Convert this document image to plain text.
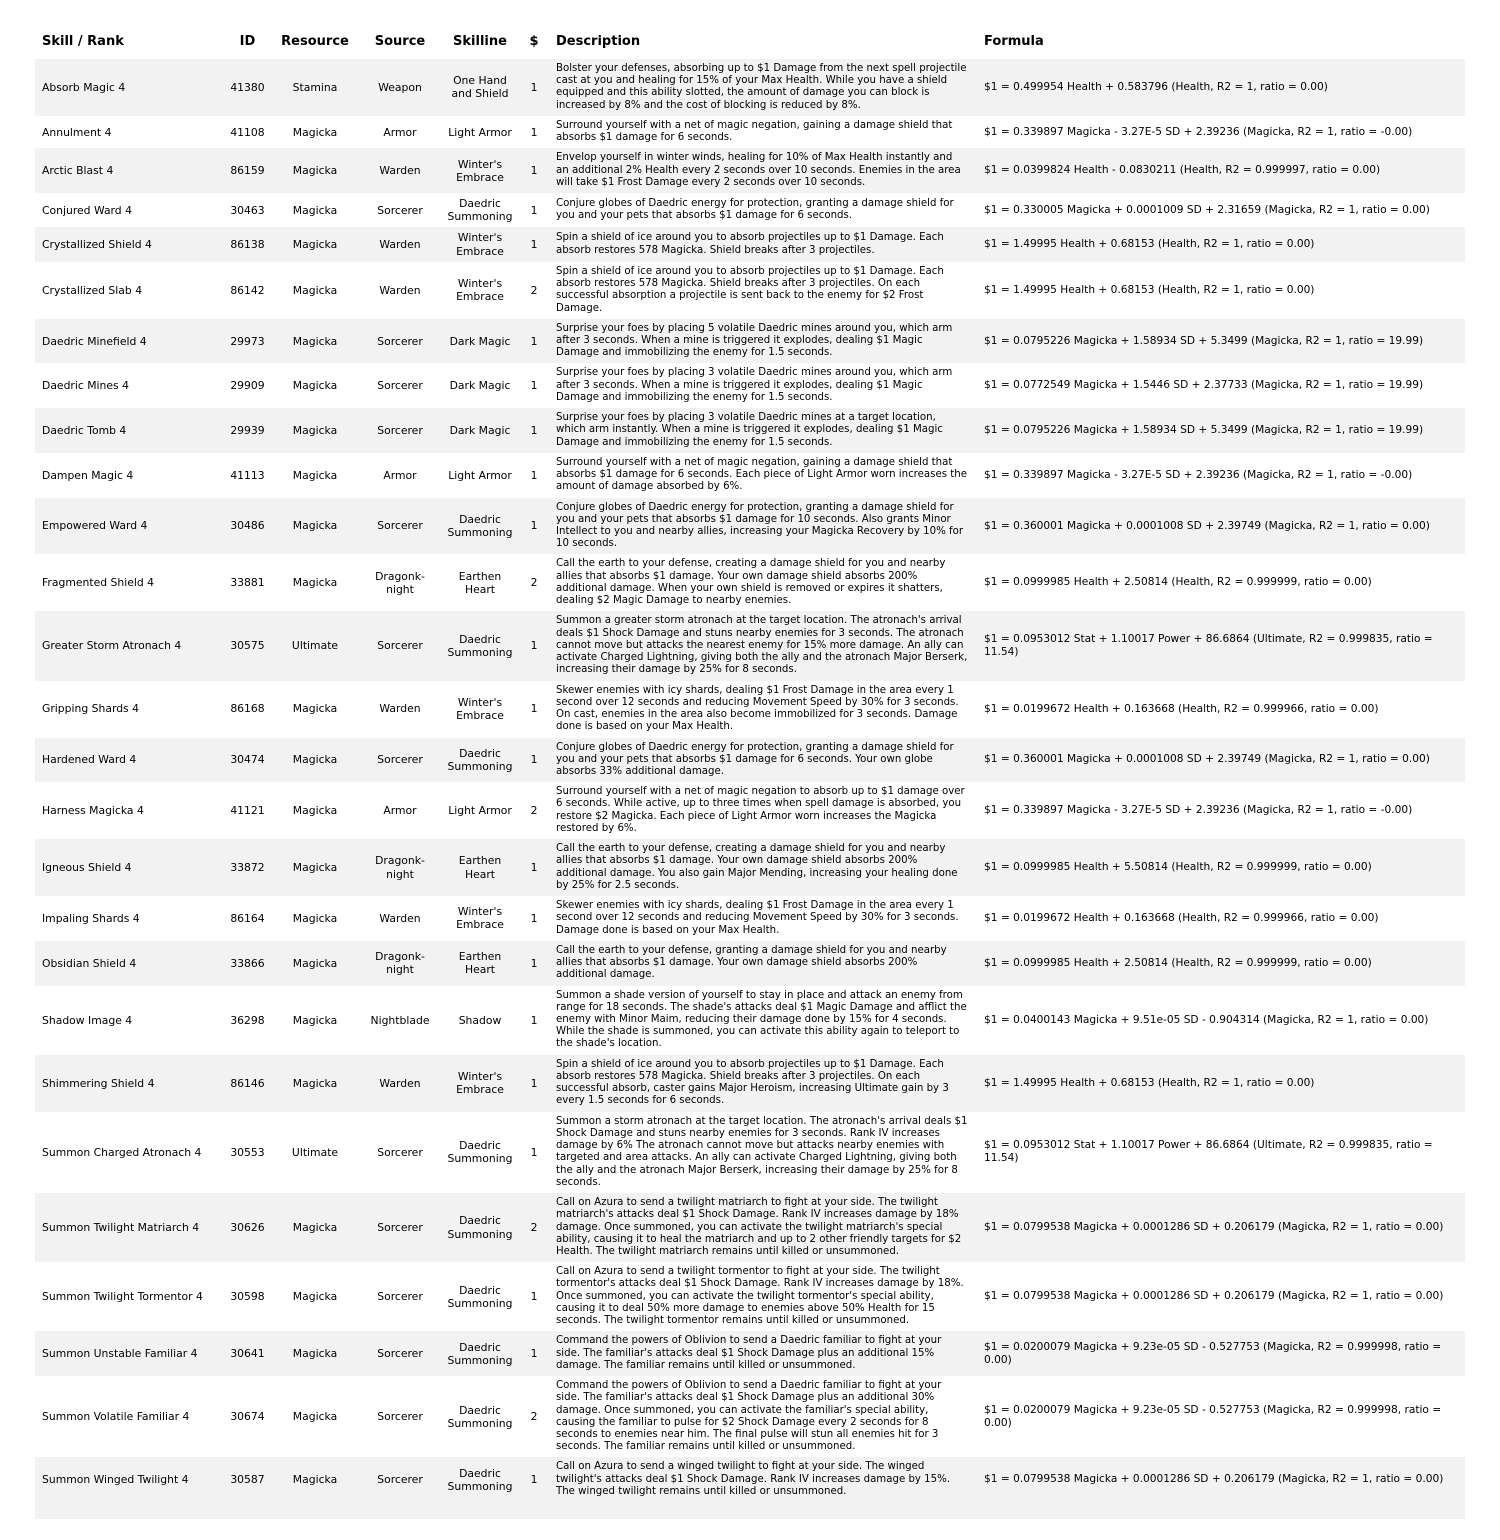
Skill / Rank	ID	Resource	Source	Skilline	$	Description	Formula
Absorb Magic 4	41380	Stamina	Weapon	One Hand and Shield	1	Bolster your defenses, absorbing up to $1 Damage from the next spell projectile cast at you and healing for 15% of your Max Health. While you have a shield equipped and this ability slotted, the amount of damage you can block is increased by 8% and the cost of blocking is reduced by 8%.	$1 = 0.499954 Health + 0.583796 (Health, R2 = 1, ratio = 0.00)
Annulment 4	41108	Magicka	Armor	Light Armor	1	Surround yourself with a net of magic negation, gaining a damage shield that absorbs $1 damage for 6 seconds.	$1 = 0.339897 Magicka - 3.27E-5 SD + 2.39236 (Magicka, R2 = 1, ratio = -0.00)
Arctic Blast 4	86159	Magicka	Warden	Winter's Embrace	1	Envelop yourself in winter winds, healing for 10% of Max Health instantly and an additional 2% Health every 2 seconds over 10 seconds. Enemies in the area will take $1 Frost Damage every 2 seconds over 10 seconds.	$1 = 0.0399824 Health - 0.0830211 (Health, R2 = 0.999997, ratio = 0.00)
Conjured Ward 4	30463	Magicka	Sorcerer	Daedric Summoning	1	Conjure globes of Daedric energy for protection, granting a damage shield for you and your pets that absorbs $1 damage for 6 seconds.	$1 = 0.330005 Magicka + 0.0001009 SD + 2.31659 (Magicka, R2 = 1, ratio = 0.00)
Crystallized Shield 4	86138	Magicka	Warden	Winter's Embrace	1	Spin a shield of ice around you to absorb projectiles up to $1 Damage. Each absorb restores 578 Magicka. Shield breaks after 3 projectiles.	$1 = 1.49995 Health + 0.68153 (Health, R2 = 1, ratio = 0.00)
Crystallized Slab 4	86142	Magicka	Warden	Winter's Embrace	2	Spin a shield of ice around you to absorb projectiles up to $1 Damage. Each absorb restores 578 Magicka. Shield breaks after 3 projectiles. On each successful absorption a projectile is sent back to the enemy for $2 Frost Damage.	$1 = 1.49995 Health + 0.68153 (Health, R2 = 1, ratio = 0.00)
Daedric Minefield 4	29973	Magicka	Sorcerer	Dark Magic	1	Surprise your foes by placing 5 volatile Daedric mines around you, which arm after 3 seconds. When a mine is triggered it explodes, dealing $1 Magic Damage and immobilizing the enemy for 1.5 seconds.	$1 = 0.0795226 Magicka + 1.58934 SD + 5.3499 (Magicka, R2 = 1, ratio = 19.99)
Daedric Mines 4	29909	Magicka	Sorcerer	Dark Magic	1	Surprise your foes by placing 3 volatile Daedric mines around you, which arm after 3 seconds. When a mine is triggered it explodes, dealing $1 Magic Damage and immobilizing the enemy for 1.5 seconds.	$1 = 0.0772549 Magicka + 1.5446 SD + 2.37733 (Magicka, R2 = 1, ratio = 19.99)
Daedric Tomb 4	29939	Magicka	Sorcerer	Dark Magic	1	Surprise your foes by placing 3 volatile Daedric mines at a target location, which arm instantly. When a mine is triggered it explodes, dealing $1 Magic Damage and immobilizing the enemy for 1.5 seconds.	$1 = 0.0795226 Magicka + 1.58934 SD + 5.3499 (Magicka, R2 = 1, ratio = 19.99)
Dampen Magic 4	41113	Magicka	Armor	Light Armor	1	Surround yourself with a net of magic negation, gaining a damage shield that absorbs $1 damage for 6 seconds. Each piece of Light Armor worn increases the amount of damage absorbed by 6%.	$1 = 0.339897 Magicka - 3.27E-5 SD + 2.39236 (Magicka, R2 = 1, ratio = -0.00)
Empowered Ward 4	30486	Magicka	Sorcerer	Daedric Summoning	1	Conjure globes of Daedric energy for protection, granting a damage shield for you and your pets that absorbs $1 damage for 10 seconds. Also grants Minor Intellect to you and nearby allies, increasing your Magicka Recovery by 10% for 10 seconds.	$1 = 0.360001 Magicka + 0.0001008 SD + 2.39749 (Magicka, R2 = 1, ratio = 0.00)
Fragmented Shield 4	33881	Magicka	Dragonknight	Earthen Heart	2	Call the earth to your defense, creating a damage shield for you and nearby allies that absorbs $1 damage. Your own damage shield absorbs 200% additional damage. When your own shield is removed or expires it shatters, dealing $2 Magic Damage to nearby enemies.	$1 = 0.0999985 Health + 2.50814 (Health, R2 = 0.999999, ratio = 0.00)
Greater Storm Atronach 4	30575	Ultimate	Sorcerer	Daedric Summoning	1	Summon a greater storm atronach at the target location. The atronach's arrival deals $1 Shock Damage and stuns nearby enemies for 3 seconds. The atronach cannot move but attacks the nearest enemy for 15% more damage. An ally can activate Charged Lightning, giving both the ally and the atronach Major Berserk, increasing their damage by 25% for 8 seconds.	$1 = 0.0953012 Stat + 1.10017 Power + 86.6864 (Ultimate, R2 = 0.999835, ratio = 11.54)
Gripping Shards 4	86168	Magicka	Warden	Winter's Embrace	1	Skewer enemies with icy shards, dealing $1 Frost Damage in the area every 1 second over 12 seconds and reducing Movement Speed by 30% for 3 seconds. On cast, enemies in the area also become immobilized for 3 seconds. Damage done is based on your Max Health.	$1 = 0.0199672 Health + 0.163668 (Health, R2 = 0.999966, ratio = 0.00)
Hardened Ward 4	30474	Magicka	Sorcerer	Daedric Summoning	1	Conjure globes of Daedric energy for protection, granting a damage shield for you and your pets that absorbs $1 damage for 6 seconds. Your own globe absorbs 33% additional damage.	$1 = 0.360001 Magicka + 0.0001008 SD + 2.39749 (Magicka, R2 = 1, ratio = 0.00)
Harness Magicka 4	41121	Magicka	Armor	Light Armor	2	Surround yourself with a net of magic negation to absorb up to $1 damage over 6 seconds. While active, up to three times when spell damage is absorbed, you restore $2 Magicka. Each piece of Light Armor worn increases the Magicka restored by 6%.	$1 = 0.339897 Magicka - 3.27E-5 SD + 2.39236 (Magicka, R2 = 1, ratio = -0.00)
Igneous Shield 4	33872	Magicka	Dragonknight	Earthen Heart	1	Call the earth to your defense, creating a damage shield for you and nearby allies that absorbs $1 damage. Your own damage shield absorbs 200% additional damage. You also gain Major Mending, increasing your healing done by 25% for 2.5 seconds.	$1 = 0.0999985 Health + 5.50814 (Health, R2 = 0.999999, ratio = 0.00)
Impaling Shards 4	86164	Magicka	Warden	Winter's Embrace	1	Skewer enemies with icy shards, dealing $1 Frost Damage in the area every 1 second over 12 seconds and reducing Movement Speed by 30% for 3 seconds. Damage done is based on your Max Health.	$1 = 0.0199672 Health + 0.163668 (Health, R2 = 0.999966, ratio = 0.00)
Obsidian Shield 4	33866	Magicka	Dragonknight	Earthen Heart	1	Call the earth to your defense, granting a damage shield for you and nearby allies that absorbs $1 damage. Your own damage shield absorbs 200% additional damage.	$1 = 0.0999985 Health + 2.50814 (Health, R2 = 0.999999, ratio = 0.00)
Shadow Image 4	36298	Magicka	Nightblade	Shadow	1	Summon a shade version of yourself to stay in place and attack an enemy from range for 18 seconds. The shade's attacks deal $1 Magic Damage and afflict the enemy with Minor Maim, reducing their damage done by 15% for 4 seconds. While the shade is summoned, you can activate this ability again to teleport to the shade's location.	$1 = 0.0400143 Magicka + 9.51e-05 SD - 0.904314 (Magicka, R2 = 1, ratio = 0.00)
Shimmering Shield 4	86146	Magicka	Warden	Winter's Embrace	1	Spin a shield of ice around you to absorb projectiles up to $1 Damage. Each absorb restores 578 Magicka. Shield breaks after 3 projectiles. On each successful absorb, caster gains Major Heroism, increasing Ultimate gain by 3 every 1.5 seconds for 6 seconds.	$1 = 1.49995 Health + 0.68153 (Health, R2 = 1, ratio = 0.00)
Summon Charged Atronach 4	30553	Ultimate	Sorcerer	Daedric Summoning	1	Summon a storm atronach at the target location. The atronach's arrival deals $1 Shock Damage and stuns nearby enemies for 3 seconds. Rank IV increases damage by 6% The atronach cannot move but attacks nearby enemies with targeted and area attacks. An ally can activate Charged Lightning, giving both the ally and the atronach Major Berserk, increasing their damage by 25% for 8 seconds.	$1 = 0.0953012 Stat + 1.10017 Power + 86.6864 (Ultimate, R2 = 0.999835, ratio = 11.54)
Summon Twilight Matriarch 4	30626	Magicka	Sorcerer	Daedric Summoning	2	Call on Azura to send a twilight matriarch to fight at your side. The twilight matriarch's attacks deal $1 Shock Damage. Rank IV increases damage by 18% damage. Once summoned, you can activate the twilight matriarch's special ability, causing it to heal the matriarch and up to 2 other friendly targets for $2 Health. The twilight matriarch remains until killed or unsummoned.	$1 = 0.0799538 Magicka + 0.0001286 SD + 0.206179 (Magicka, R2 = 1, ratio = 0.00)
Summon Twilight Tormentor 4	30598	Magicka	Sorcerer	Daedric Summoning	1	Call on Azura to send a twilight tormentor to fight at your side. The twilight tormentor's attacks deal $1 Shock Damage. Rank IV increases damage by 18%. Once summoned, you can activate the twilight tormentor's special ability, causing it to deal 50% more damage to enemies above 50% Health for 15 seconds. The twilight tormentor remains until killed or unsummoned.	$1 = 0.0799538 Magicka + 0.0001286 SD + 0.206179 (Magicka, R2 = 1, ratio = 0.00)
Summon Unstable Familiar 4	30641	Magicka	Sorcerer	Daedric Summoning	1	Command the powers of Oblivion to send a Daedric familiar to fight at your side. The familiar's attacks deal $1 Shock Damage plus an additional 15% damage. The familiar remains until killed or unsummoned.	$1 = 0.0200079 Magicka + 9.23e-05 SD - 0.527753 (Magicka, R2 = 0.999998, ratio = 0.00)
Summon Volatile Familiar 4	30674	Magicka	Sorcerer	Daedric Summoning	2	Command the powers of Oblivion to send a Daedric familiar to fight at your side. The familiar's attacks deal $1 Shock Damage plus an additional 30% damage. Once summoned, you can activate the familiar's special ability, causing the familiar to pulse for $2 Shock Damage every 2 seconds for 8 seconds to enemies near him. The final pulse will stun all enemies hit for 3 seconds. The familiar remains until killed or unsummoned.	$1 = 0.0200079 Magicka + 9.23e-05 SD - 0.527753 (Magicka, R2 = 0.999998, ratio = 0.00)
Summon Winged Twilight 4	30587	Magicka	Sorcerer	Daedric Summoning	1	Call on Azura to send a winged twilight to fight at your side. The winged twilight's attacks deal $1 Shock Damage. Rank IV increases damage by 15%. The winged twilight remains until killed or unsummoned.	$1 = 0.0799538 Magicka + 0.0001286 SD + 0.206179 (Magicka, R2 = 1, ratio = 0.00)
